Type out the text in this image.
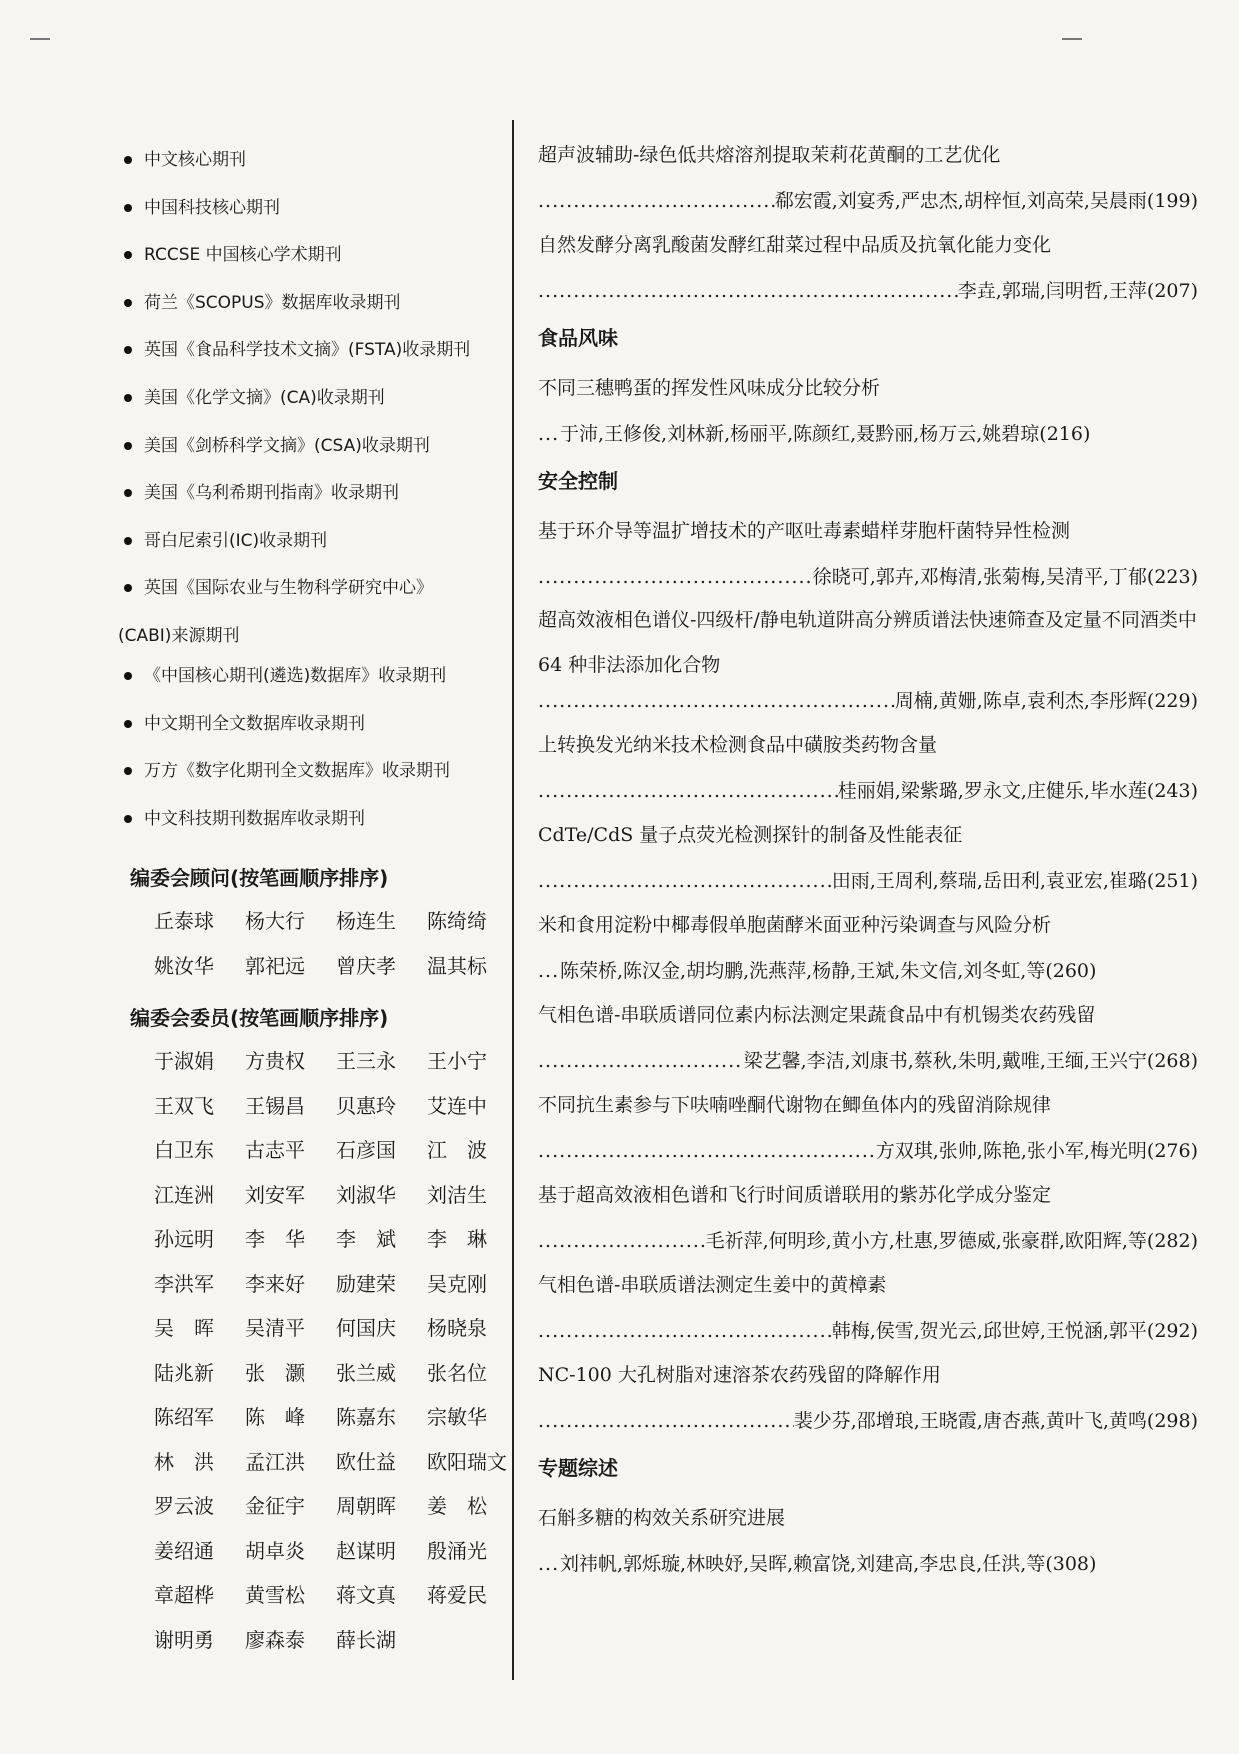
中文核心期刊
中国科技核心期刊
RCCSE 中国核心学术期刊
荷兰《SCOPUS》数据库收录期刊
英国《食品科学技术文摘》(FSTA)收录期刊
美国《化学文摘》(CA)收录期刊
美国《剑桥科学文摘》(CSA)收录期刊
美国《乌利希期刊指南》收录期刊
哥白尼索引(IC)收录期刊
英国《国际农业与生物科学研究中心》
(CABI)来源期刊
《中国核心期刊(遴选)数据库》收录期刊
中文期刊全文数据库收录期刊
万方《数字化期刊全文数据库》收录期刊
中文科技期刊数据库收录期刊
编委会顾问(按笔画顺序排序)
丘泰球	杨大行	杨连生	陈绮绮
姚汝华	郭祀远	曾庆孝	温其标
编委会委员(按笔画顺序排序)
于淑娟	方贵权	王三永	王小宁
王双飞	王锡昌	贝惠玲	艾连中
白卫东	古志平	石彦国	江　波
江连洲	刘安军	刘淑华	刘洁生
孙远明	李　华	李　斌	李　琳
李洪军	李来好	励建荣	吴克刚
吴　晖	吴清平	何国庆	杨晓泉
陆兆新	张　灏	张兰威	张名位
陈绍军	陈　峰	陈嘉东	宗敏华
林　洪	孟江洪	欧仕益	欧阳瑞文
罗云波	金征宇	周朝晖	姜　松
姜绍通	胡卓炎	赵谋明	殷涌光
章超桦	黄雪松	蒋文真	蒋爱民
谢明勇	廖森泰	薛长湖
超声波辅助-绿色低共熔溶剂提取茉莉花黄酮的工艺优化
.....
郗宏霞,刘宴秀,严忠杰,胡梓恒,刘高荣,吴晨雨(199)
自然发酵分离乳酸菌发酵红甜菜过程中品质及抗氧化能力变化
.....
李垚,郭瑞,闫明哲,王萍(207)
食品风味
不同三穗鸭蛋的挥发性风味成分比较分析
.....
于沛,王修俊,刘林新,杨丽平,陈颜红,聂黔丽,杨万云,姚碧琼(216)
安全控制
基于环介导等温扩增技术的产呕吐毒素蜡样芽胞杆菌特异性检测
.....
徐晓可,郭卉,邓梅清,张菊梅,吴清平,丁郁(223)
超高效液相色谱仪-四级杆/静电轨道阱高分辨质谱法快速筛查及定量不同酒类中 64 种非法添加化合物
.....
周楠,黄姗,陈卓,袁利杰,李彤辉(229)
上转换发光纳米技术检测食品中磺胺类药物含量
.....
桂丽娟,梁紫璐,罗永文,庄健乐,毕水莲(243)
CdTe/CdS 量子点荧光检测探针的制备及性能表征
.....
田雨,王周利,蔡瑞,岳田利,袁亚宏,崔璐(251)
米和食用淀粉中椰毒假单胞菌酵米面亚种污染调查与风险分析
.....
陈荣桥,陈汉金,胡均鹏,洗燕萍,杨静,王斌,朱文信,刘冬虹,等(260)
气相色谱-串联质谱同位素内标法测定果蔬食品中有机锡类农药残留
.....
梁艺馨,李洁,刘康书,蔡秋,朱明,戴唯,王缅,王兴宁(268)
不同抗生素参与下呋喃唑酮代谢物在鲫鱼体内的残留消除规律
.....
方双琪,张帅,陈艳,张小军,梅光明(276)
基于超高效液相色谱和飞行时间质谱联用的紫苏化学成分鉴定
.....
毛祈萍,何明珍,黄小方,杜惠,罗德威,张豪群,欧阳辉,等(282)
气相色谱-串联质谱法测定生姜中的黄樟素
.....
韩梅,侯雪,贺光云,邱世婷,王悦涵,郭平(292)
NC-100 大孔树脂对速溶茶农药残留的降解作用
.....
裴少芬,邵增琅,王晓霞,唐杏燕,黄叶飞,黄鸣(298)
专题综述
石斛多糖的构效关系研究进展
.....
刘祎帆,郭烁璇,林映妤,吴晖,赖富饶,刘建高,李忠良,任洪,等(308)
